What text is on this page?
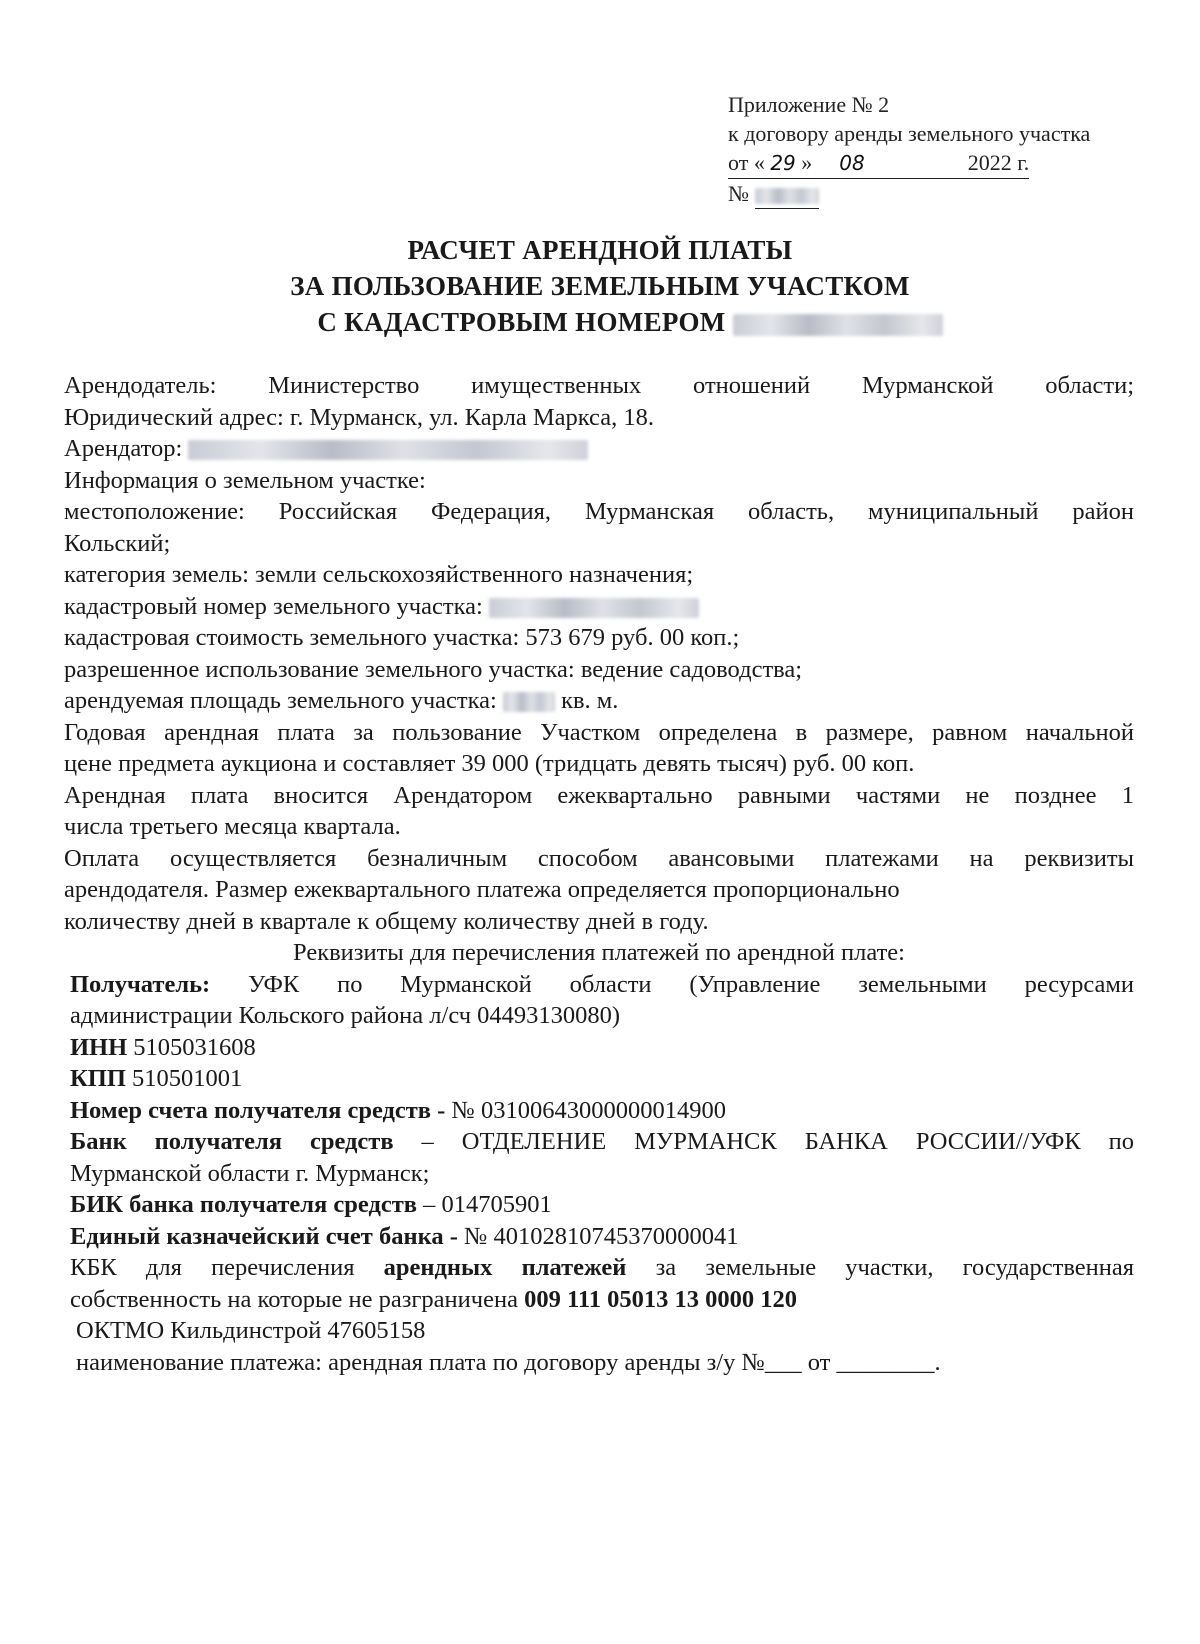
Приложение № 2
к договору аренды земельного участка
от « 29 » 08	2022 г.
№
РАСЧЕТ АРЕНДНОЙ ПЛАТЫ
ЗА ПОЛЬЗОВАНИЕ ЗЕМЕЛЬНЫМ УЧАСТКОМ
С КАДАСТРОВЫМ НОМЕРОМ
Арендодатель: Министерство имущественных отношений Мурманской области;
Юридический адрес: г. Мурманск, ул. Карла Маркса, 18.
Арендатор:
Информация о земельном участке:
местоположение: Российская Федерация, Мурманская область, муниципальный район
Кольский;
категория земель: земли сельскохозяйственного назначения;
кадастровый номер земельного участка:
кадастровая стоимость земельного участка: 573 679 руб. 00 коп.;
разрешенное использование земельного участка: ведение садоводства;
арендуемая площадь земельного участка:	кв. м.
Годовая арендная плата за пользование Участком определена в размере, равном начальной
цене предмета аукциона и составляет 39 000 (тридцать девять тысяч) руб. 00 коп.
Арендная плата вносится Арендатором ежеквартально равными частями не позднее 1
числа третьего месяца квартала.
Оплата осуществляется безналичным способом авансовыми платежами на реквизиты
арендодателя. Размер ежеквартального платежа определяется пропорционально
количеству дней в квартале к общему количеству дней в году.
Реквизиты для перечисления платежей по арендной плате:
Получатель: УФК по Мурманской области (Управление земельными ресурсами
администрации Кольского района л/сч 04493130080)
ИНН 5105031608
КПП 510501001
Номер счета получателя средств - № 03100643000000014900
Банк получателя средств – ОТДЕЛЕНИЕ МУРМАНСК БАНКА РОССИИ//УФК по
Мурманской области г. Мурманск;
БИК банка получателя средств – 014705901
Единый казначейский счет банка - № 40102810745370000041
КБК для перечисления арендных платежей за земельные участки, государственная
собственность на которые не разграничена 009 111 05013 13 0000 120
ОКТМО Кильдинстрой 47605158
наименование платежа: арендная плата по договору аренды з/у №___ от ________.
